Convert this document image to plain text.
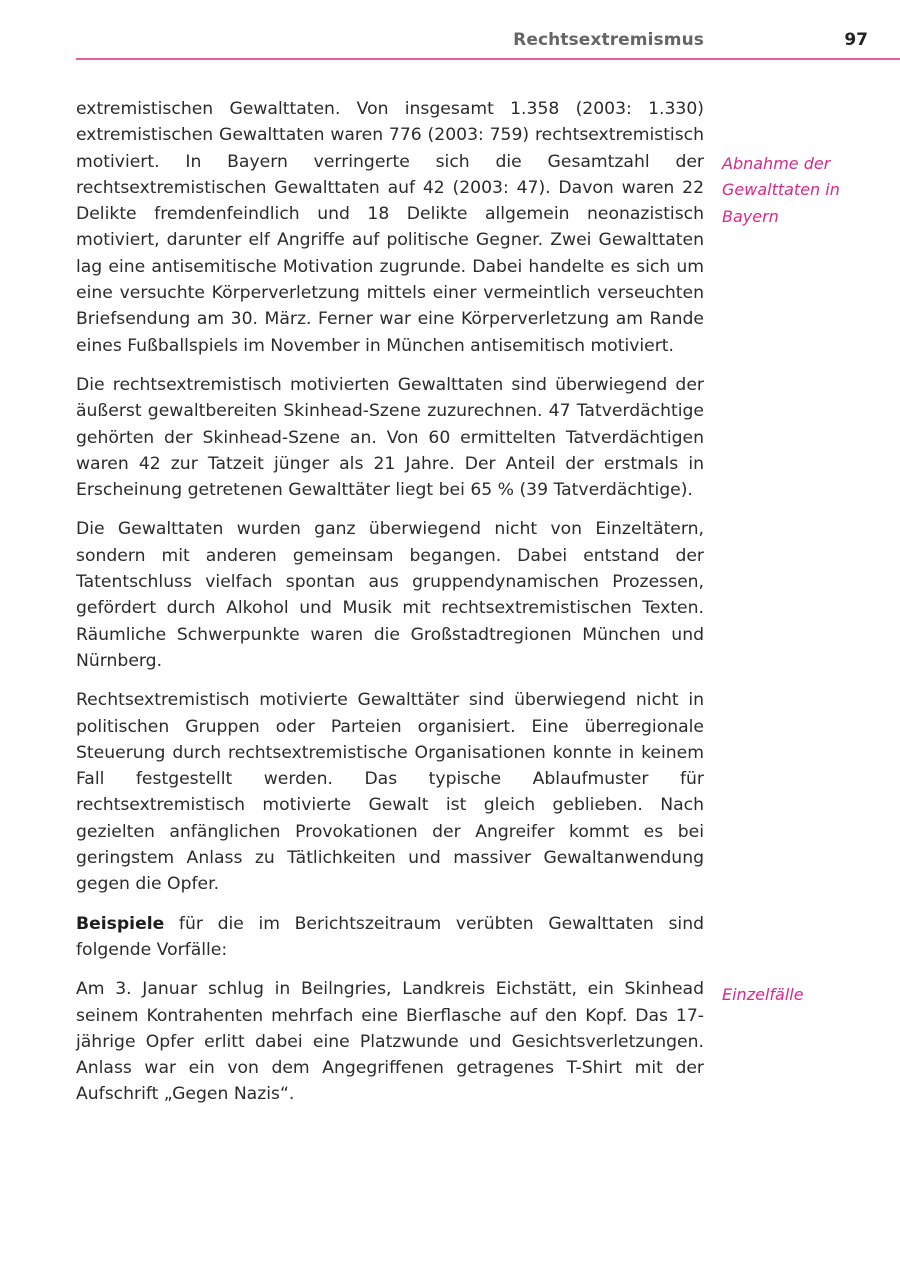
Rechtsextremismus	97
Abnahme der Gewalttaten in Bayern
Einzelfälle

extremistischen Gewalttaten. Von insgesamt 1.358 (2003: 1.330) extremistischen Gewalttaten waren 776 (2003: 759) rechtsextremistisch motiviert. In Bayern verringerte sich die Gesamtzahl der rechtsextremistischen Gewalttaten auf 42 (2003: 47). Davon waren 22 Delikte fremdenfeindlich und 18 Delikte allgemein neonazistisch motiviert, darunter elf Angriffe auf politische Gegner. Zwei Gewalttaten lag eine antisemitische Motivation zugrunde. Dabei handelte es sich um eine versuchte Körperverletzung mittels einer vermeintlich verseuchten Briefsendung am 30. März. Ferner war eine Körperverletzung am Rande eines Fußballspiels im November in München antisemitisch motiviert.

Die rechtsextremistisch motivierten Gewalttaten sind überwiegend der äußerst gewaltbereiten Skinhead-Szene zuzurechnen. 47 Tatverdächtige gehörten der Skinhead-Szene an. Von 60 ermittelten Tatverdächtigen waren 42 zur Tatzeit jünger als 21 Jahre. Der Anteil der erstmals in Erscheinung getretenen Gewalttäter liegt bei 65 % (39 Tatverdächtige).

Die Gewalttaten wurden ganz überwiegend nicht von Einzeltätern, sondern mit anderen gemeinsam begangen. Dabei entstand der Tatentschluss vielfach spontan aus gruppendynamischen Prozessen, gefördert durch Alkohol und Musik mit rechtsextremistischen Texten. Räumliche Schwerpunkte waren die Großstadtregionen München und Nürnberg.

Rechtsextremistisch motivierte Gewalttäter sind überwiegend nicht in politischen Gruppen oder Parteien organisiert. Eine überregionale Steuerung durch rechtsextremistische Organisationen konnte in keinem Fall festgestellt werden. Das typische Ablaufmuster für rechtsextremistisch motivierte Gewalt ist gleich geblieben. Nach gezielten anfänglichen Provokationen der Angreifer kommt es bei geringstem Anlass zu Tätlichkeiten und massiver Gewaltanwendung gegen die Opfer.

Beispiele für die im Berichtszeitraum verübten Gewalttaten sind folgende Vorfälle:

Am 3. Januar schlug in Beilngries, Landkreis Eichstätt, ein Skinhead seinem Kontrahenten mehrfach eine Bierflasche auf den Kopf. Das 17-jährige Opfer erlitt dabei eine Platzwunde und Gesichtsverletzungen. Anlass war ein von dem Angegriffenen getragenes T-Shirt mit der Aufschrift „Gegen Nazis“.
